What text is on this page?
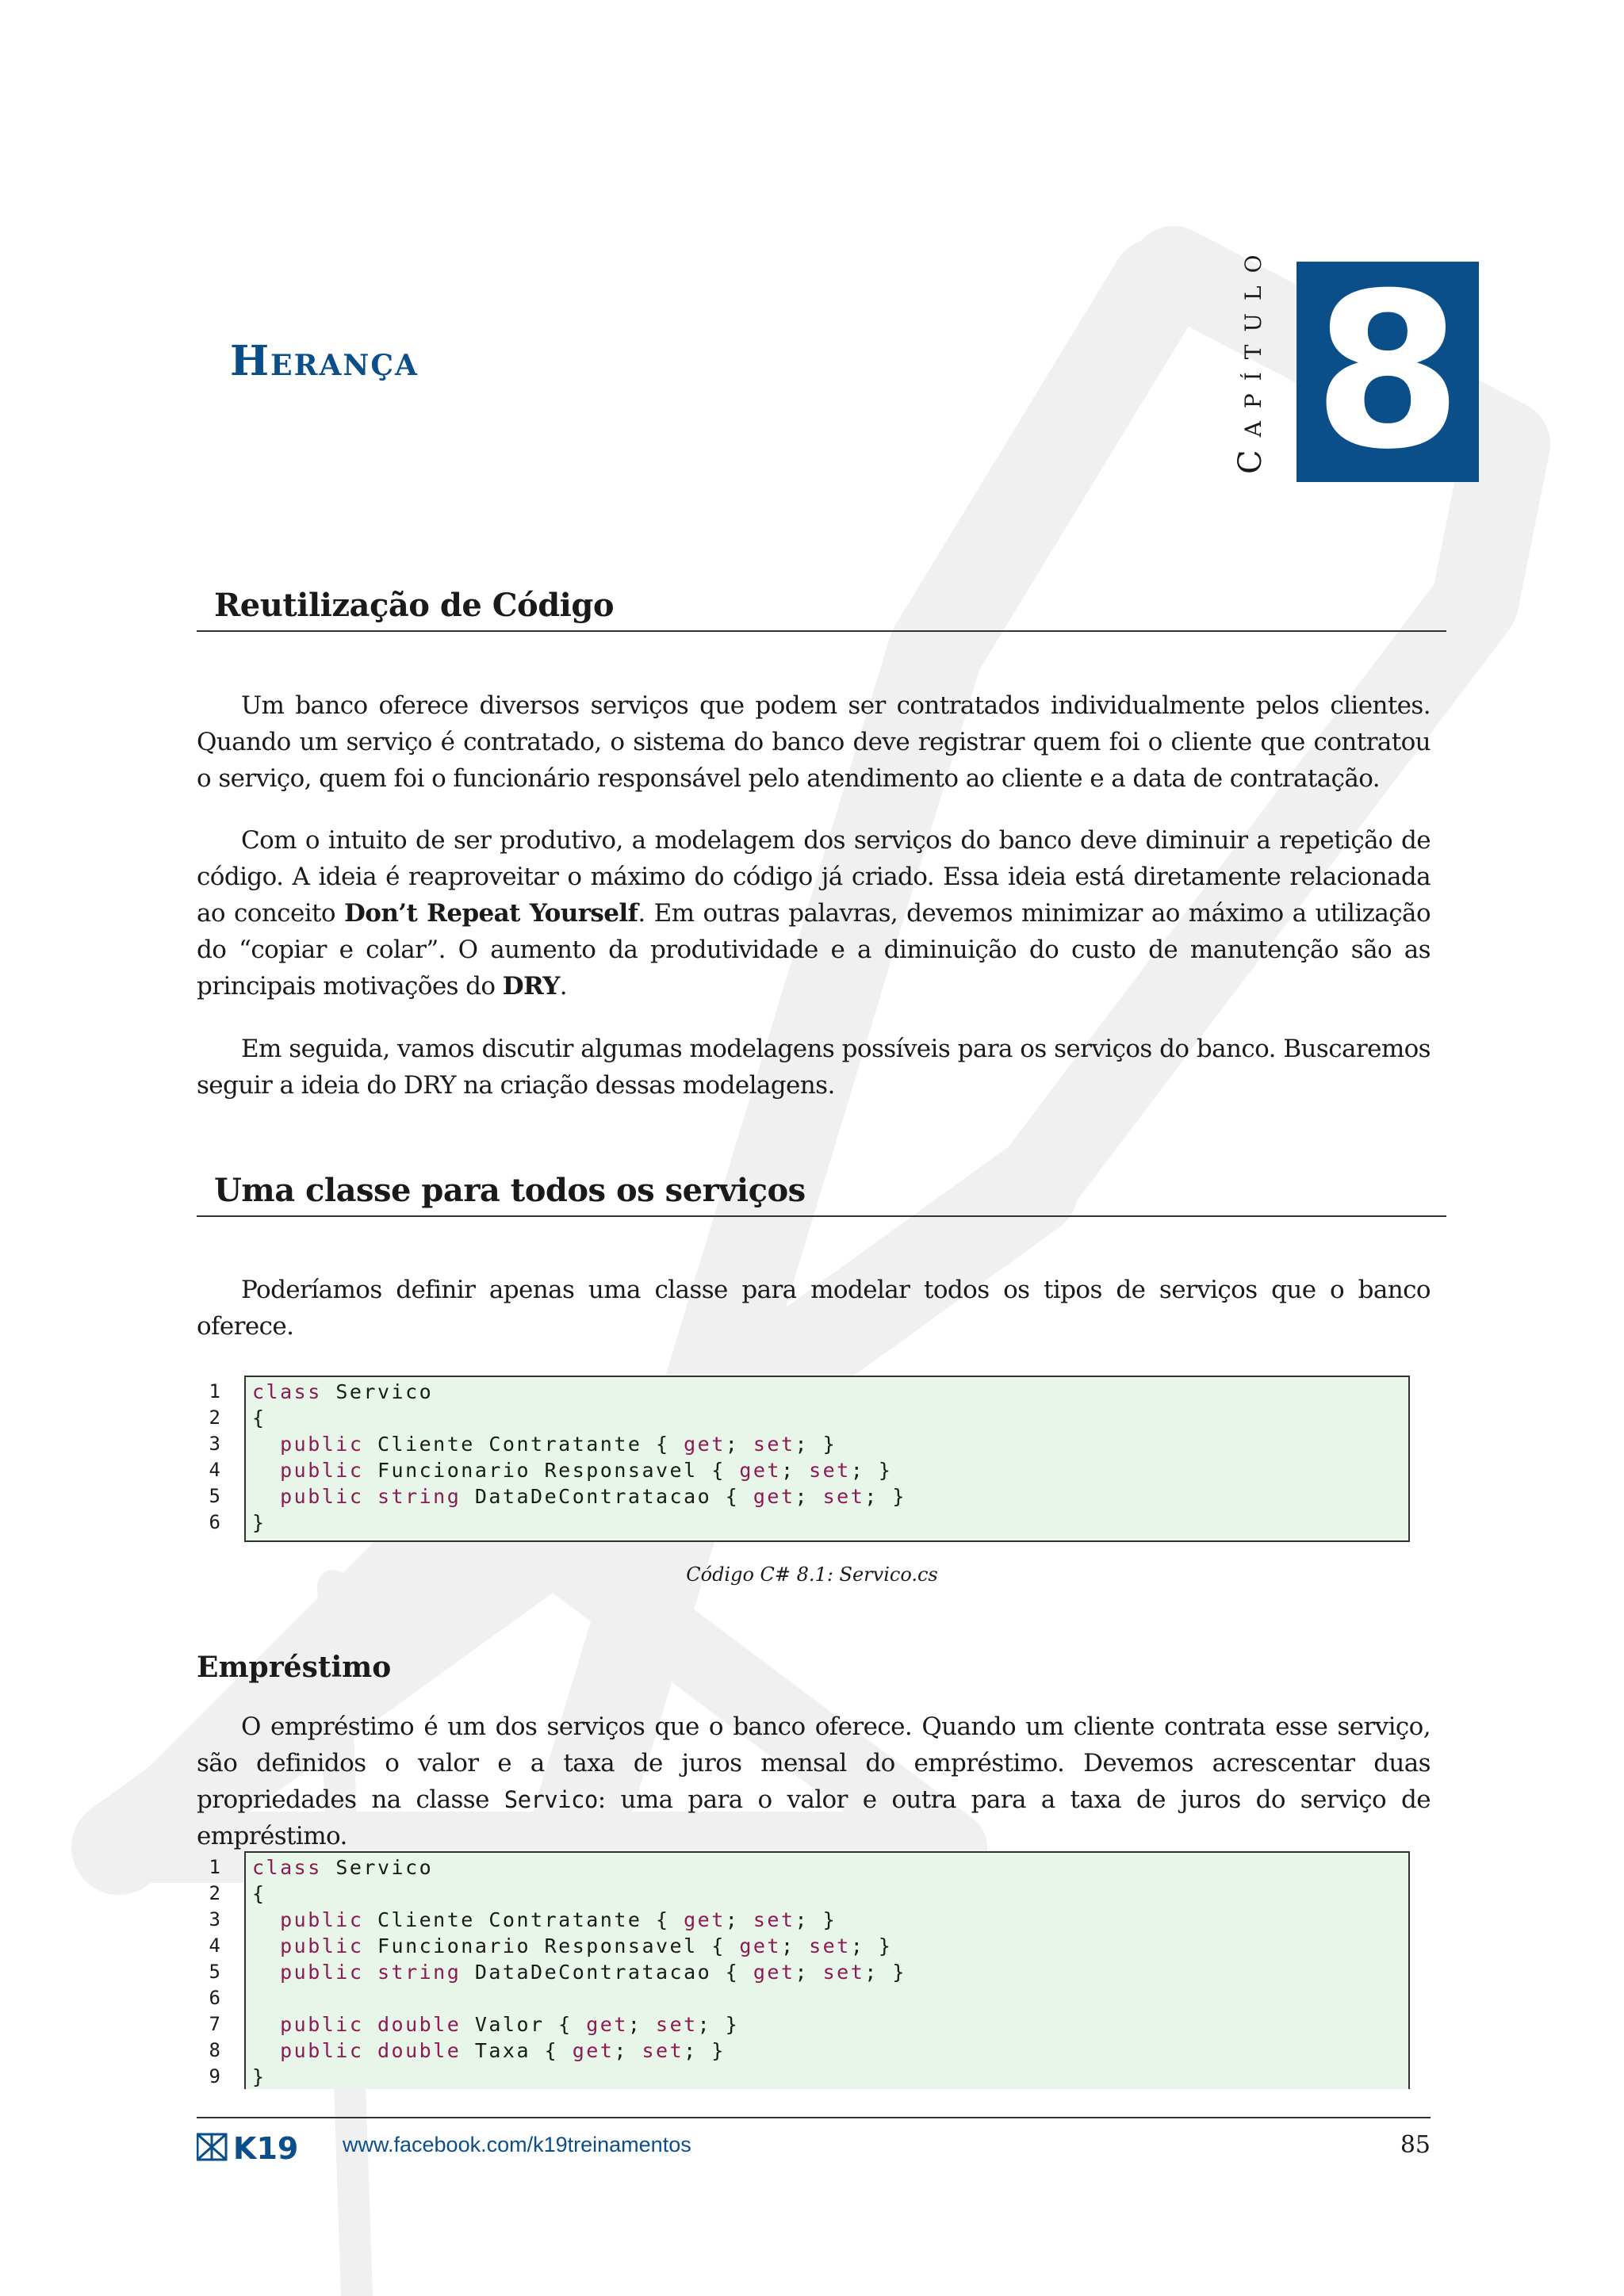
Herança	Capítulo 8
Reutilização de Código

Um banco oferece diversos serviços que podem ser contratados individualmente pelos clientes. Quando um serviço é contratado, o sistema do banco deve registrar quem foi o cliente que contratou o serviço, quem foi o funcionário responsável pelo atendimento ao cliente e a data de contratação.

Com o intuito de ser produtivo, a modelagem dos serviços do banco deve diminuir a repetição de código. A ideia é reaproveitar o máximo do código já criado. Essa ideia está diretamente relacionada ao conceito Don’t Repeat Yourself. Em outras palavras, devemos minimizar ao máximo a utilização do “copiar e colar”. O aumento da produtividade e a diminuição do custo de manutenção são as principais motivações do DRY.

Em seguida, vamos discutir algumas modelagens possíveis para os serviços do banco. Buscaremos seguir a ideia do DRY na criação dessas modelagens.

Uma classe para todos os serviços

Poderíamos definir apenas uma classe para modelar todos os tipos de serviços que o banco oferece.

1 class Servico
2 {
3 public Cliente Contratante { get; set; }
4 public Funcionario Responsavel { get; set; }
5 public string DataDeContratacao { get; set; }
6 }

Código C# 8.1: Servico.cs

Empréstimo

O empréstimo é um dos serviços que o banco oferece. Quando um cliente contrata esse serviço, são definidos o valor e a taxa de juros mensal do empréstimo. Devemos acrescentar duas propriedades na classe Servico: uma para o valor e outra para a taxa de juros do serviço de empréstimo.

1 class Servico
2 {
3 public Cliente Contratante { get; set; }
4 public Funcionario Responsavel { get; set; }
5 public string DataDeContratacao { get; set; }
6
7 public double Valor { get; set; }
8 public double Taxa { get; set; }
9 }
K19 www.facebook.com/k19treinamentos	85
